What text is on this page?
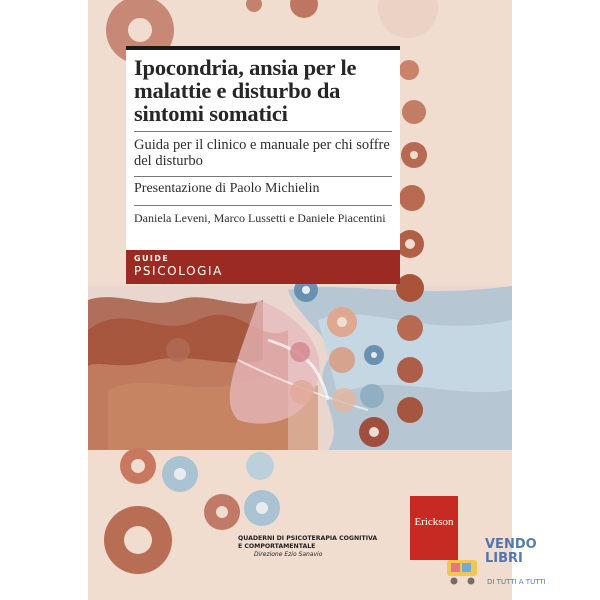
Ipocondria, ansia per le malattie e disturbo da sintomi somatici

Guida per il clinico e manuale per chi soffre del disturbo

Presentazione di Paolo Michielin

Daniela Leveni, Marco Lussetti e Daniele Piacentini

GUIDE
PSICOLOGIA
QUADERNI DI PSICOTERAPIA COGNITIVA
E COMPORTAMENTALE
Direzione Ezio Sanavio
Erickson
VENDO LIBRI
DI TUTTI A TUTTI
